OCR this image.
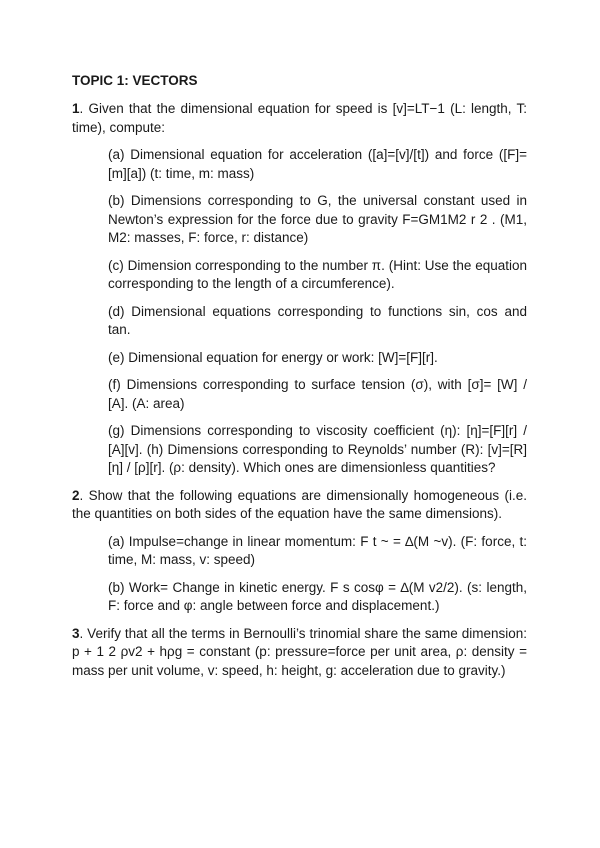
TOPIC 1: VECTORS

1. Given that the dimensional equation for speed is [v]=LT−1 (L: length, T: time), compute:

(a) Dimensional equation for acceleration ([a]=[v]/[t]) and force ([F]= [m][a]) (t: time, m: mass)
(b) Dimensions corresponding to G, the universal constant used in Newton’s expression for the force due to gravity F=GM1M2 r 2 . (M1, M2: masses, F: force, r: distance)
(c) Dimension corresponding to the number π. (Hint: Use the equation corresponding to the length of a circumference).
(d) Dimensional equations corresponding to functions sin, cos and tan.
(e) Dimensional equation for energy or work: [W]=[F][r].
(f) Dimensions corresponding to surface tension (σ), with [σ]= [W] / [A]. (A: area)
(g) Dimensions corresponding to viscosity coefficient (η): [η]=[F][r] / [A][v]. (h) Dimensions corresponding to Reynolds’ number (R): [v]=[R][η] / [ρ][r]. (ρ: density). Which ones are dimensionless quantities?

2. Show that the following equations are dimensionally homogeneous (i.e. the quantities on both sides of the equation have the same dimensions).

(a) Impulse=change in linear momentum: F t ~ = ∆(M ~v). (F: force, t: time, M: mass, v: speed)
(b) Work= Change in kinetic energy. F s cosφ = ∆(M v2/2). (s: length, F: force and φ: angle between force and displacement.)

3. Verify that all the terms in Bernoulli’s trinomial share the same dimension: p + 1 2 ρv2 + hρg = constant (p: pressure=force per unit area, ρ: density = mass per unit volume, v: speed, h: height, g: acceleration due to gravity.)
